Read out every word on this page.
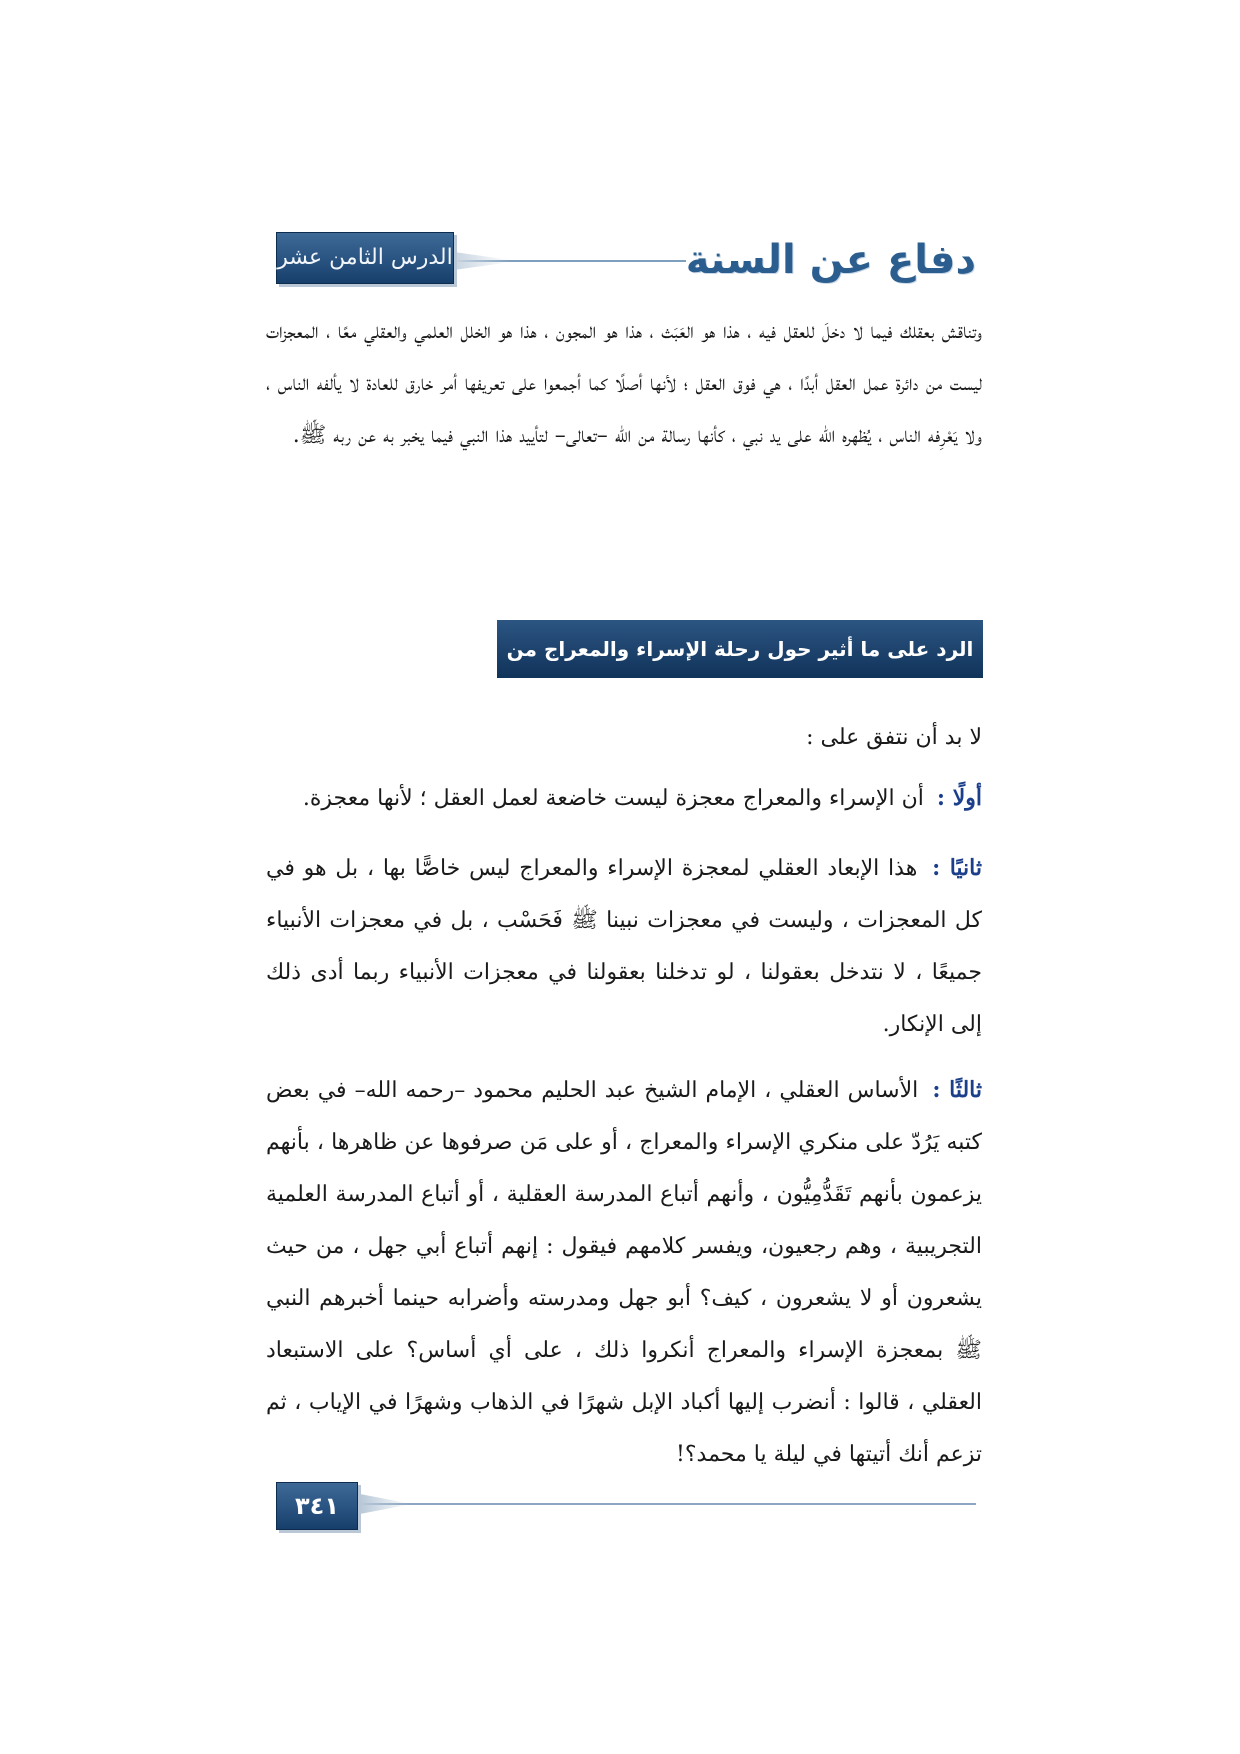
دفاع عن السنة
الدرس الثامن عشر
وتناقش بعقلك فيما لا دخلَ للعقل فيه ، هذا هو العَبَث ، هذا هو المجون ، هذا هو الخلل العلمي والعقلي معًا ، المعجزات ليست من دائرة عمل العقل أبدًا ، هي فوق العقل ؛ لأنها أصلًا كما أجمعوا على تعريفها أمر خارق للعادة لا يألفه الناس ، ولا يَعْرِفه الناس ، يُظهره الله على يد نبي ، كأنها رسالة من الله –تعالى– لتأييد هذا النبي فيما يخبر به عن ربه ﷺ.
الرد على ما أثير حول رحلة الإسراء والمعراج من شبهات
لا بد أن نتفق على :
أولًا : أن الإسراء والمعراج معجزة ليست خاضعة لعمل العقل ؛ لأنها معجزة.
ثانيًا : هذا الإبعاد العقلي لمعجزة الإسراء والمعراج ليس خاصًّا بها ، بل هو في كل المعجزات ، وليست في معجزات نبينا ﷺ فَحَسْب ، بل في معجزات الأنبياء جميعًا ، لا نتدخل بعقولنا ، لو تدخلنا بعقولنا في معجزات الأنبياء ربما أدى ذلك إلى الإنكار.
ثالثًا : الأساس العقلي ، الإمام الشيخ عبد الحليم محمود –رحمه الله– في بعض كتبه يَرُدّ على منكري الإسراء والمعراج ، أو على مَن صرفوها عن ظاهرها ، بأنهم يزعمون بأنهم تَقَدُّمِيُّون ، وأنهم أتباع المدرسة العقلية ، أو أتباع المدرسة العلمية التجريبية ، وهم رجعيون، ويفسر كلامهم فيقول : إنهم أتباع أبي جهل ، من حيث يشعرون أو لا يشعرون ، كيف؟ أبو جهل ومدرسته وأضرابه حينما أخبرهم النبي ﷺ بمعجزة الإسراء والمعراج أنكروا ذلك ، على أي أساس؟ على الاستبعاد العقلي ، قالوا : أنضرب إليها أكباد الإبل شهرًا في الذهاب وشهرًا في الإياب ، ثم تزعم أنك أتيتها في ليلة يا محمد؟!
٣٤١
